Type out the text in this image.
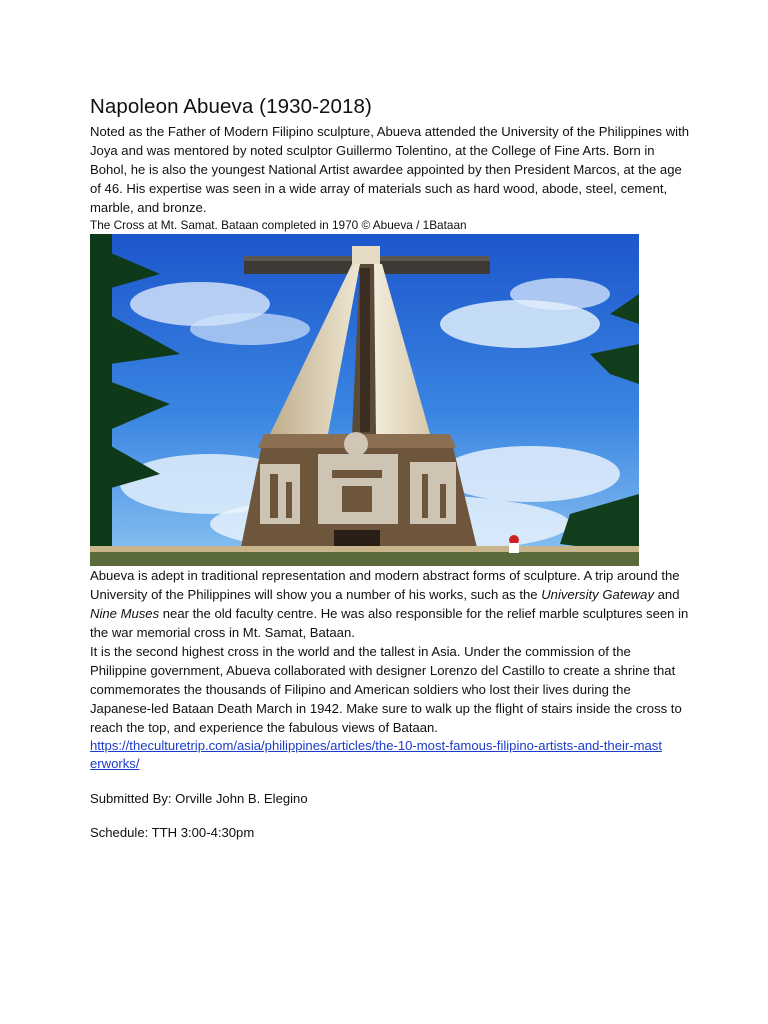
Napoleon Abueva (1930-2018)

Noted as the Father of Modern Filipino sculpture, Abueva attended the University of the Philippines with Joya and was mentored by noted sculptor Guillermo Tolentino, at the College of Fine Arts. Born in Bohol, he is also the youngest National Artist awardee appointed by then President Marcos, at the age of 46. His expertise was seen in a wide array of materials such as hard wood, abode, steel, cement, marble, and bronze.

The Cross at Mt. Samat. Bataan completed in 1970 © Abueva / 1Bataan

Abueva is adept in traditional representation and modern abstract forms of sculpture. A trip around the University of the Philippines will show you a number of his works, such as the University Gateway and Nine Muses near the old faculty centre. He was also responsible for the relief marble sculptures seen in the war memorial cross in Mt. Samat, Bataan.

It is the second highest cross in the world and the tallest in Asia. Under the commission of the Philippine government, Abueva collaborated with designer Lorenzo del Castillo to create a shrine that commemorates the thousands of Filipino and American soldiers who lost their lives during the Japanese-led Bataan Death March in 1942. Make sure to walk up the flight of stairs inside the cross to reach the top, and experience the fabulous views of Bataan.

https://theculturetrip.com/asia/philippines/articles/the-10-most-famous-filipino-artists-and-their-masterworks/

Submitted By: Orville John B. Elegino

Schedule: TTH 3:00-4:30pm
